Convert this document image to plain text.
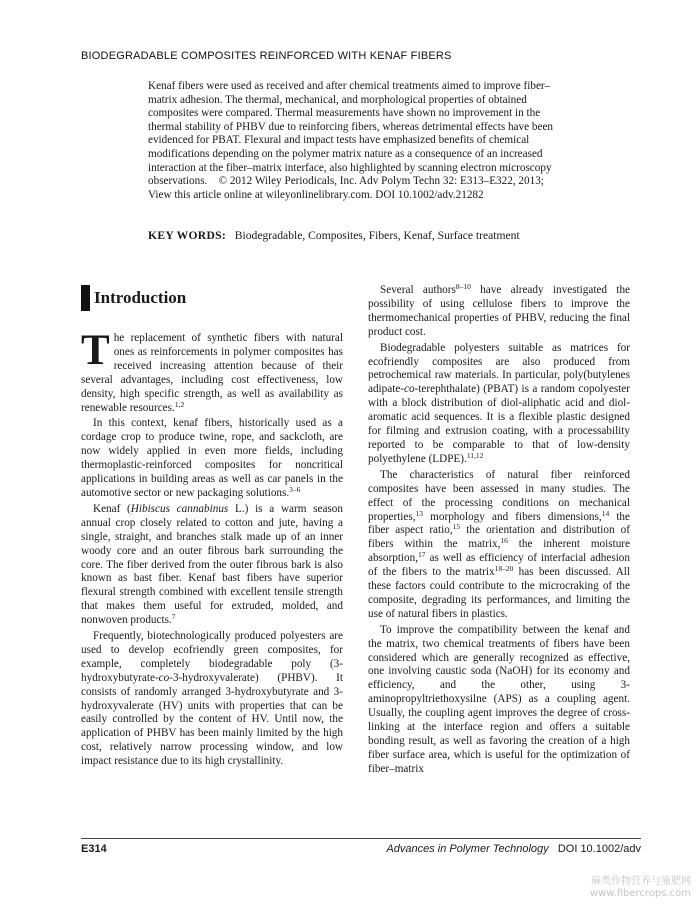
BIODEGRADABLE COMPOSITES REINFORCED WITH KENAF FIBERS

Kenaf fibers were used as received and after chemical treatments aimed to improve fiber–matrix adhesion. The thermal, mechanical, and morphological properties of obtained composites were compared. Thermal measurements have shown no improvement in the thermal stability of PHBV due to reinforcing fibers, whereas detrimental effects have been evidenced for PBAT. Flexural and impact tests have emphasized benefits of chemical modifications depending on the polymer matrix nature as a consequence of an increased interaction at the fiber–matrix interface, also highlighted by scanning electron microscopy observations. © 2012 Wiley Periodicals, Inc. Adv Polym Techn 32: E313–E322, 2013; View this article online at wileyonlinelibrary.com. DOI 10.1002/adv.21282

KEY WORDS: Biodegradable, Composites, Fibers, Kenaf, Surface treatment
Introduction

The replacement of synthetic fibers with natural ones as reinforcements in polymer composites has received increasing attention because of their several advantages, including cost effectiveness, low density, high specific strength, as well as availability as renewable resources.$^{1,2}$

In this context, kenaf fibers, historically used as a cordage crop to produce twine, rope, and sackcloth, are now widely applied in even more fields, including thermoplastic-reinforced composites for noncritical applications in building areas as well as car panels in the automotive sector or new packaging solutions.$^{3-6}$

Kenaf (Hibiscus cannabinus L.) is a warm season annual crop closely related to cotton and jute, having a single, straight, and branches stalk made up of an inner woody core and an outer fibrous bark surrounding the core. The fiber derived from the outer fibrous bark is also known as bast fiber. Kenaf bast fibers have superior flexural strength combined with excellent tensile strength that makes them useful for extruded, molded, and nonwoven products.$^7$

Frequently, biotechnologically produced polyesters are used to develop ecofriendly green composites, for example, completely biodegradable poly (3-hydroxybutyrate-co-3-hydroxyvalerate) (PHBV). It consists of randomly arranged 3-hydroxybutyrate and 3-hydroxyvalerate (HV) units with properties that can be easily controlled by the content of HV. Until now, the application of PHBV has been mainly limited by the high cost, relatively narrow processing window, and low impact resistance due to its high crystallinity.

Several authors$^{8-10}$ have already investigated the possibility of using cellulose fibers to improve the thermomechanical properties of PHBV, reducing the final product cost.

Biodegradable polyesters suitable as matrices for ecofriendly composites are also produced from petrochemical raw materials. In particular, poly(butylenes adipate-co-terephthalate) (PBAT) is a random copolyester with a block distribution of diol-aliphatic acid and diol-aromatic acid sequences. It is a flexible plastic designed for filming and extrusion coating, with a processability reported to be comparable to that of low-density polyethylene (LDPE).$^{11,12}$

The characteristics of natural fiber reinforced composites have been assessed in many studies. The effect of the processing conditions on mechanical properties,$^{13}$ morphology and fibers dimensions,$^{14}$ the fiber aspect ratio,$^{15}$ the orientation and distribution of fibers within the matrix,$^{16}$ the inherent moisture absorption,$^{17}$ as well as efficiency of interfacial adhesion of the fibers to the matrix$^{18-20}$ has been discussed. All these factors could contribute to the microcraking of the composite, degrading its performances, and limiting the use of natural fibers in plastics.

To improve the compatibility between the kenaf and the matrix, two chemical treatments of fibers have been considered which are generally recognized as effective, one involving caustic soda (NaOH) for its economy and efficiency, and the other, using 3-aminopropyltriethoxysilne (APS) as a coupling agent. Usually, the coupling agent improves the degree of cross-linking at the interface region and offers a suitable bonding result, as well as favoring the creation of a high fiber surface area, which is useful for the optimization of fiber–matrix

E314	Advances in Polymer Technology DOI 10.1002/adv
麻类作物营养与施肥网
www.fibercrops.com
